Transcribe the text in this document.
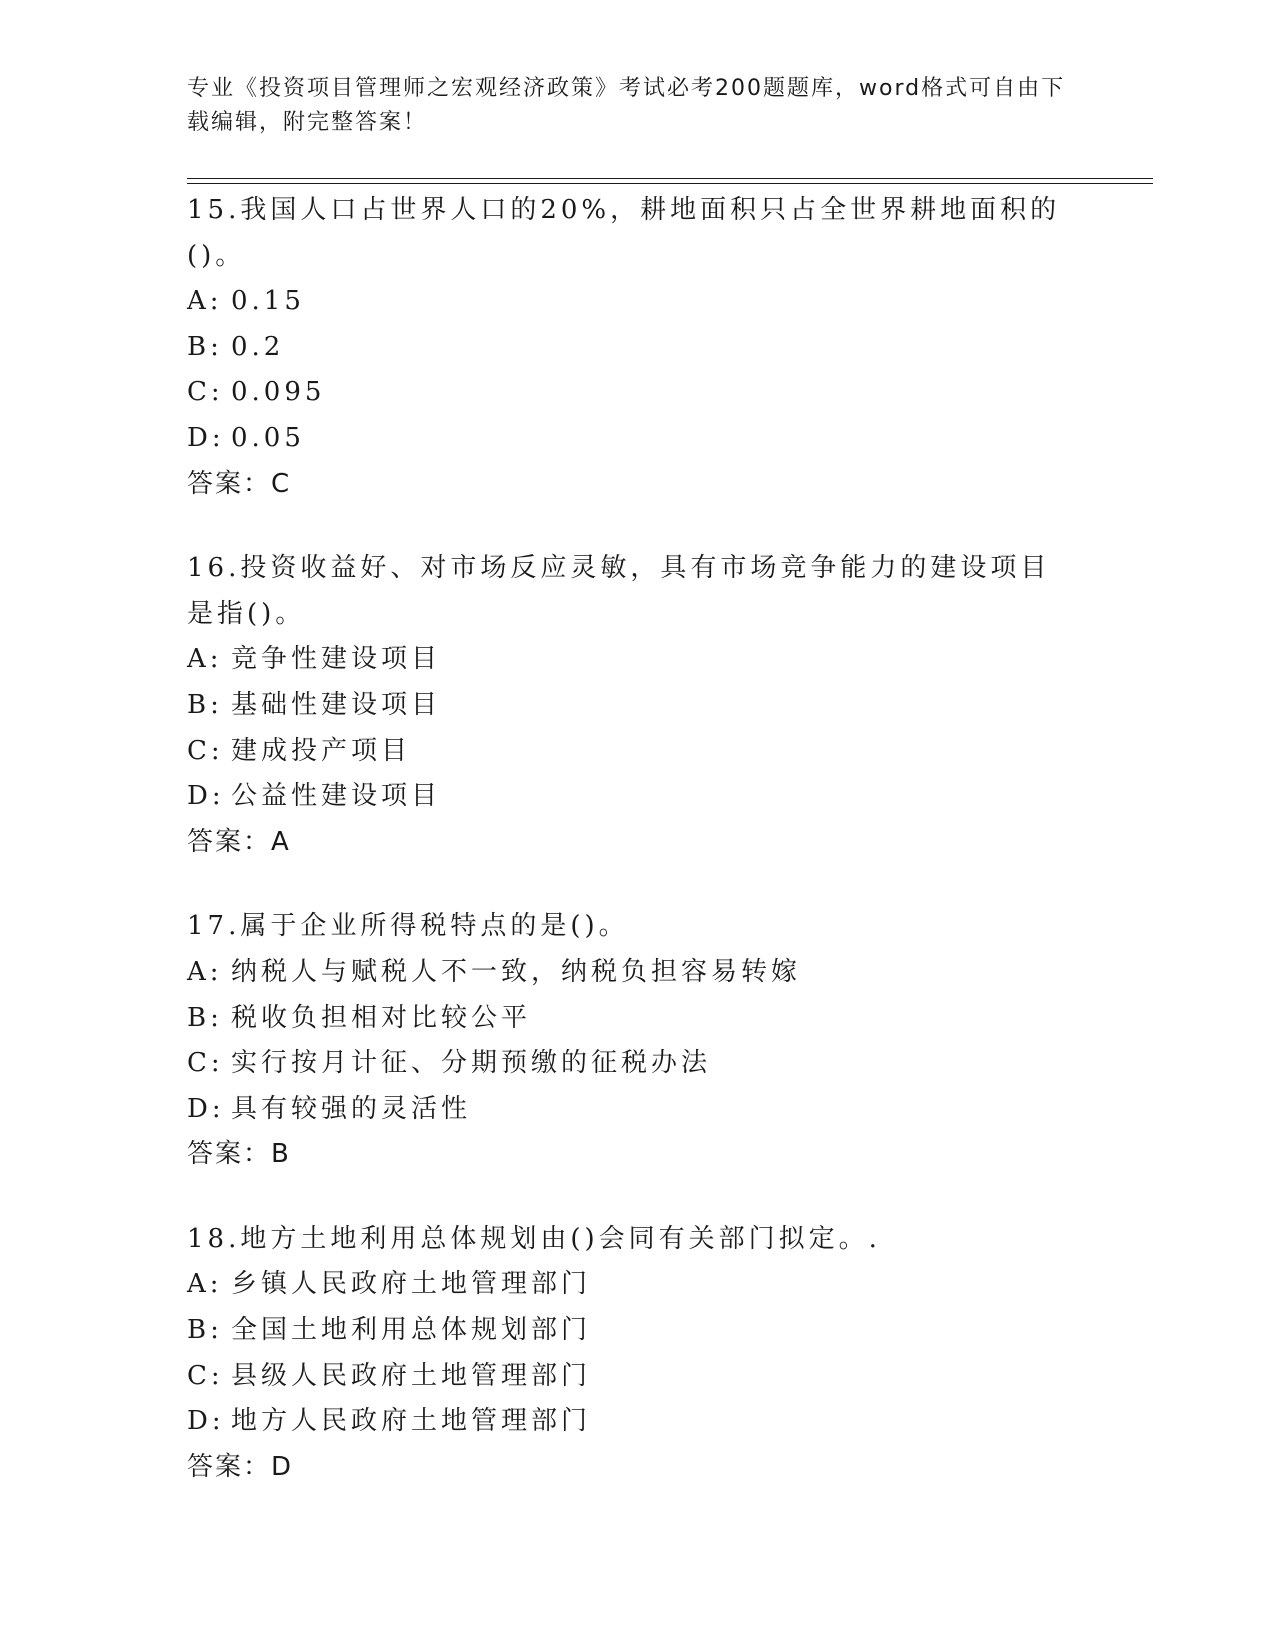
专业《投资项目管理师之宏观经济政策》考试必考200题题库，word格式可自由下载编辑，附完整答案！

15.我国人口占世界人口的20%，耕地面积只占全世界耕地面积的()。

A: 0.15

B: 0.2

C: 0.095

D: 0.05

答案：C

16.投资收益好、对市场反应灵敏，具有市场竞争能力的建设项目是指()。

A: 竞争性建设项目

B: 基础性建设项目

C: 建成投产项目

D: 公益性建设项目

答案：A

17.属于企业所得税特点的是()。

A: 纳税人与赋税人不一致，纳税负担容易转嫁

B: 税收负担相对比较公平

C: 实行按月计征、分期预缴的征税办法

D: 具有较强的灵活性

答案：B

18.地方土地利用总体规划由()会同有关部门拟定。.

A: 乡镇人民政府土地管理部门

B: 全国土地利用总体规划部门

C: 县级人民政府土地管理部门

D: 地方人民政府土地管理部门

答案：D
